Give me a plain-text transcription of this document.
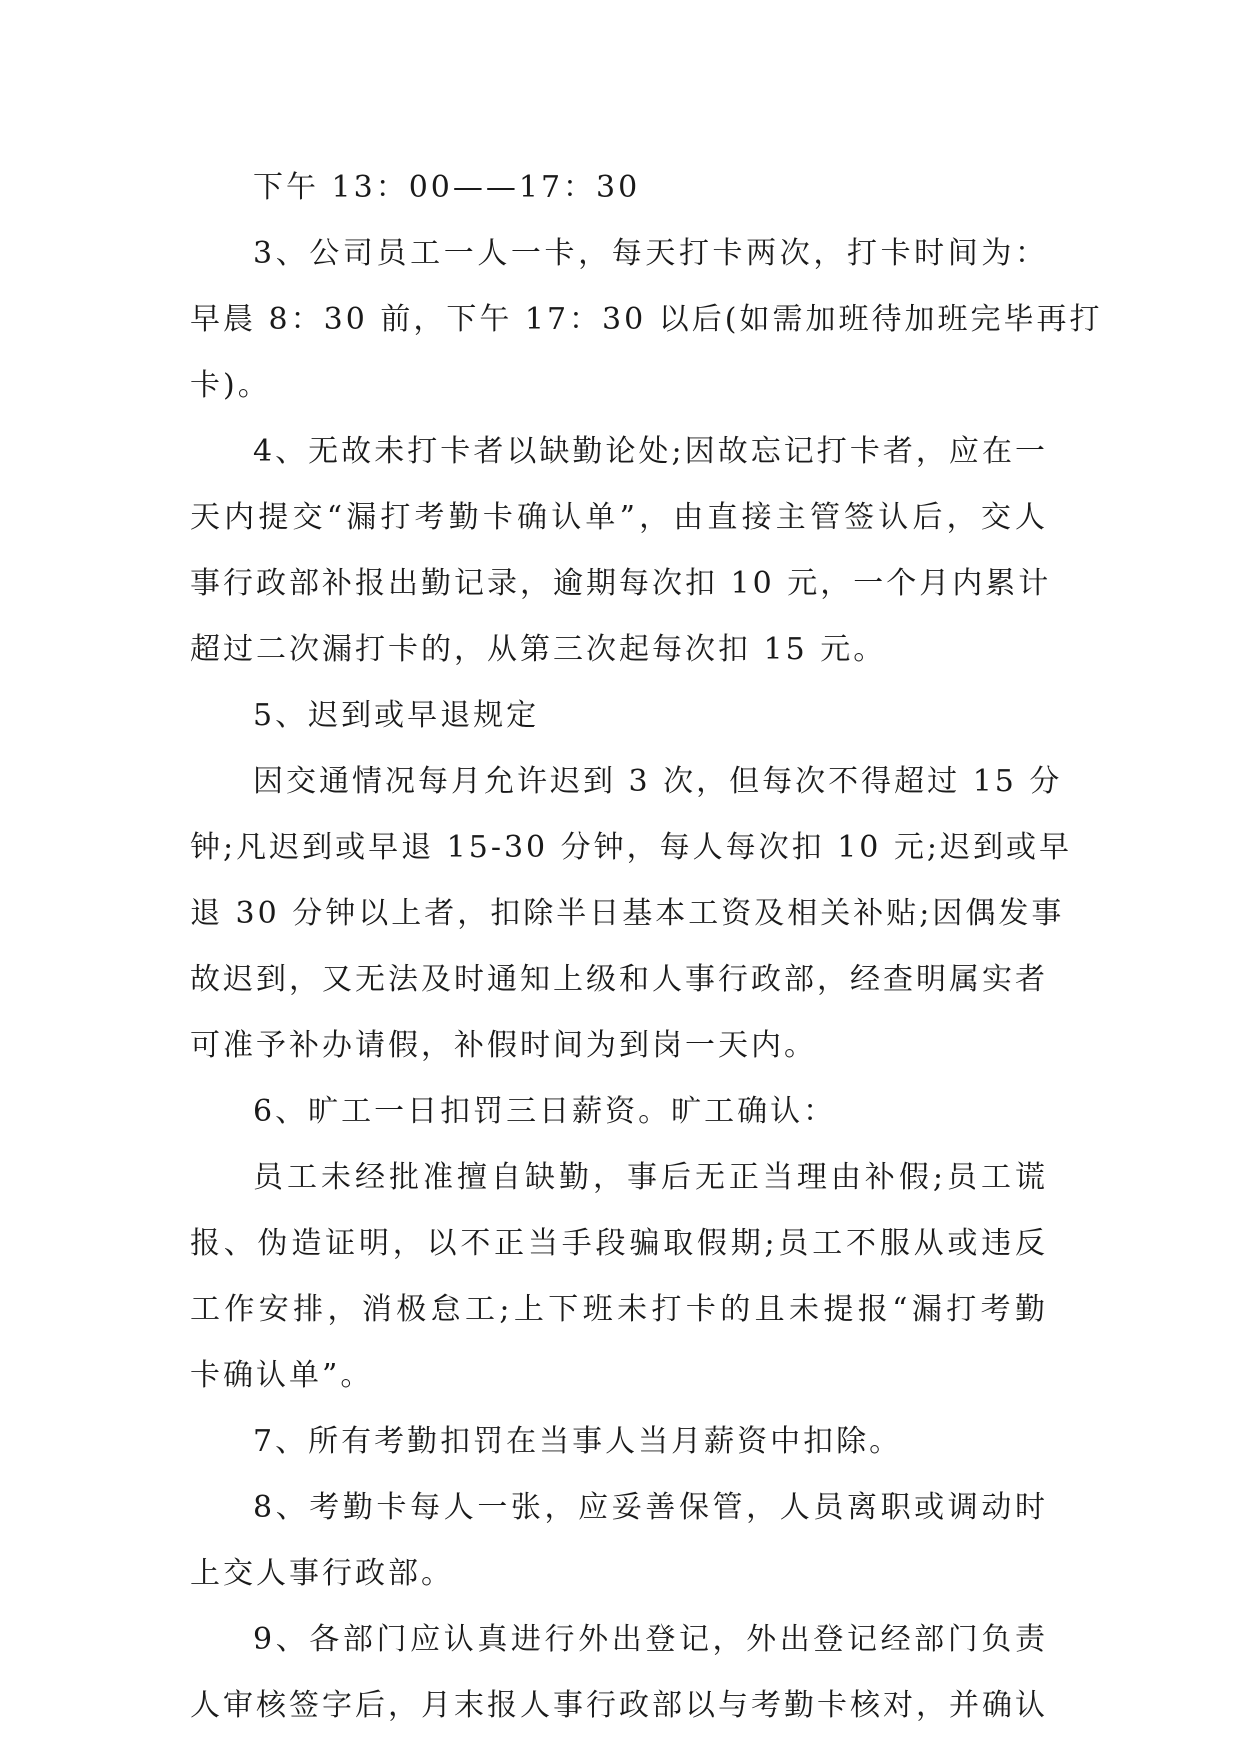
下午 13：00——17：30
3、公司员工一人一卡，每天打卡两次，打卡时间为：
早晨 8：30 前，下午 17：30 以后(如需加班待加班完毕再打
卡)。
4、无故未打卡者以缺勤论处;因故忘记打卡者，应在一
天内提交“漏打考勤卡确认单”，由直接主管签认后，交人
事行政部补报出勤记录，逾期每次扣 10 元，一个月内累计
超过二次漏打卡的，从第三次起每次扣 15 元。
5、迟到或早退规定
因交通情况每月允许迟到 3 次，但每次不得超过 15 分
钟;凡迟到或早退 15-30 分钟，每人每次扣 10 元;迟到或早
退 30 分钟以上者，扣除半日基本工资及相关补贴;因偶发事
故迟到，又无法及时通知上级和人事行政部，经查明属实者
可准予补办请假，补假时间为到岗一天内。
6、旷工一日扣罚三日薪资。旷工确认：
员工未经批准擅自缺勤，事后无正当理由补假;员工谎
报、伪造证明，以不正当手段骗取假期;员工不服从或违反
工作安排，消极怠工;上下班未打卡的且未提报“漏打考勤
卡确认单”。
7、所有考勤扣罚在当事人当月薪资中扣除。
8、考勤卡每人一张，应妥善保管，人员离职或调动时
上交人事行政部。
9、各部门应认真进行外出登记，外出登记经部门负责
人审核签字后，月末报人事行政部以与考勤卡核对，并确认
